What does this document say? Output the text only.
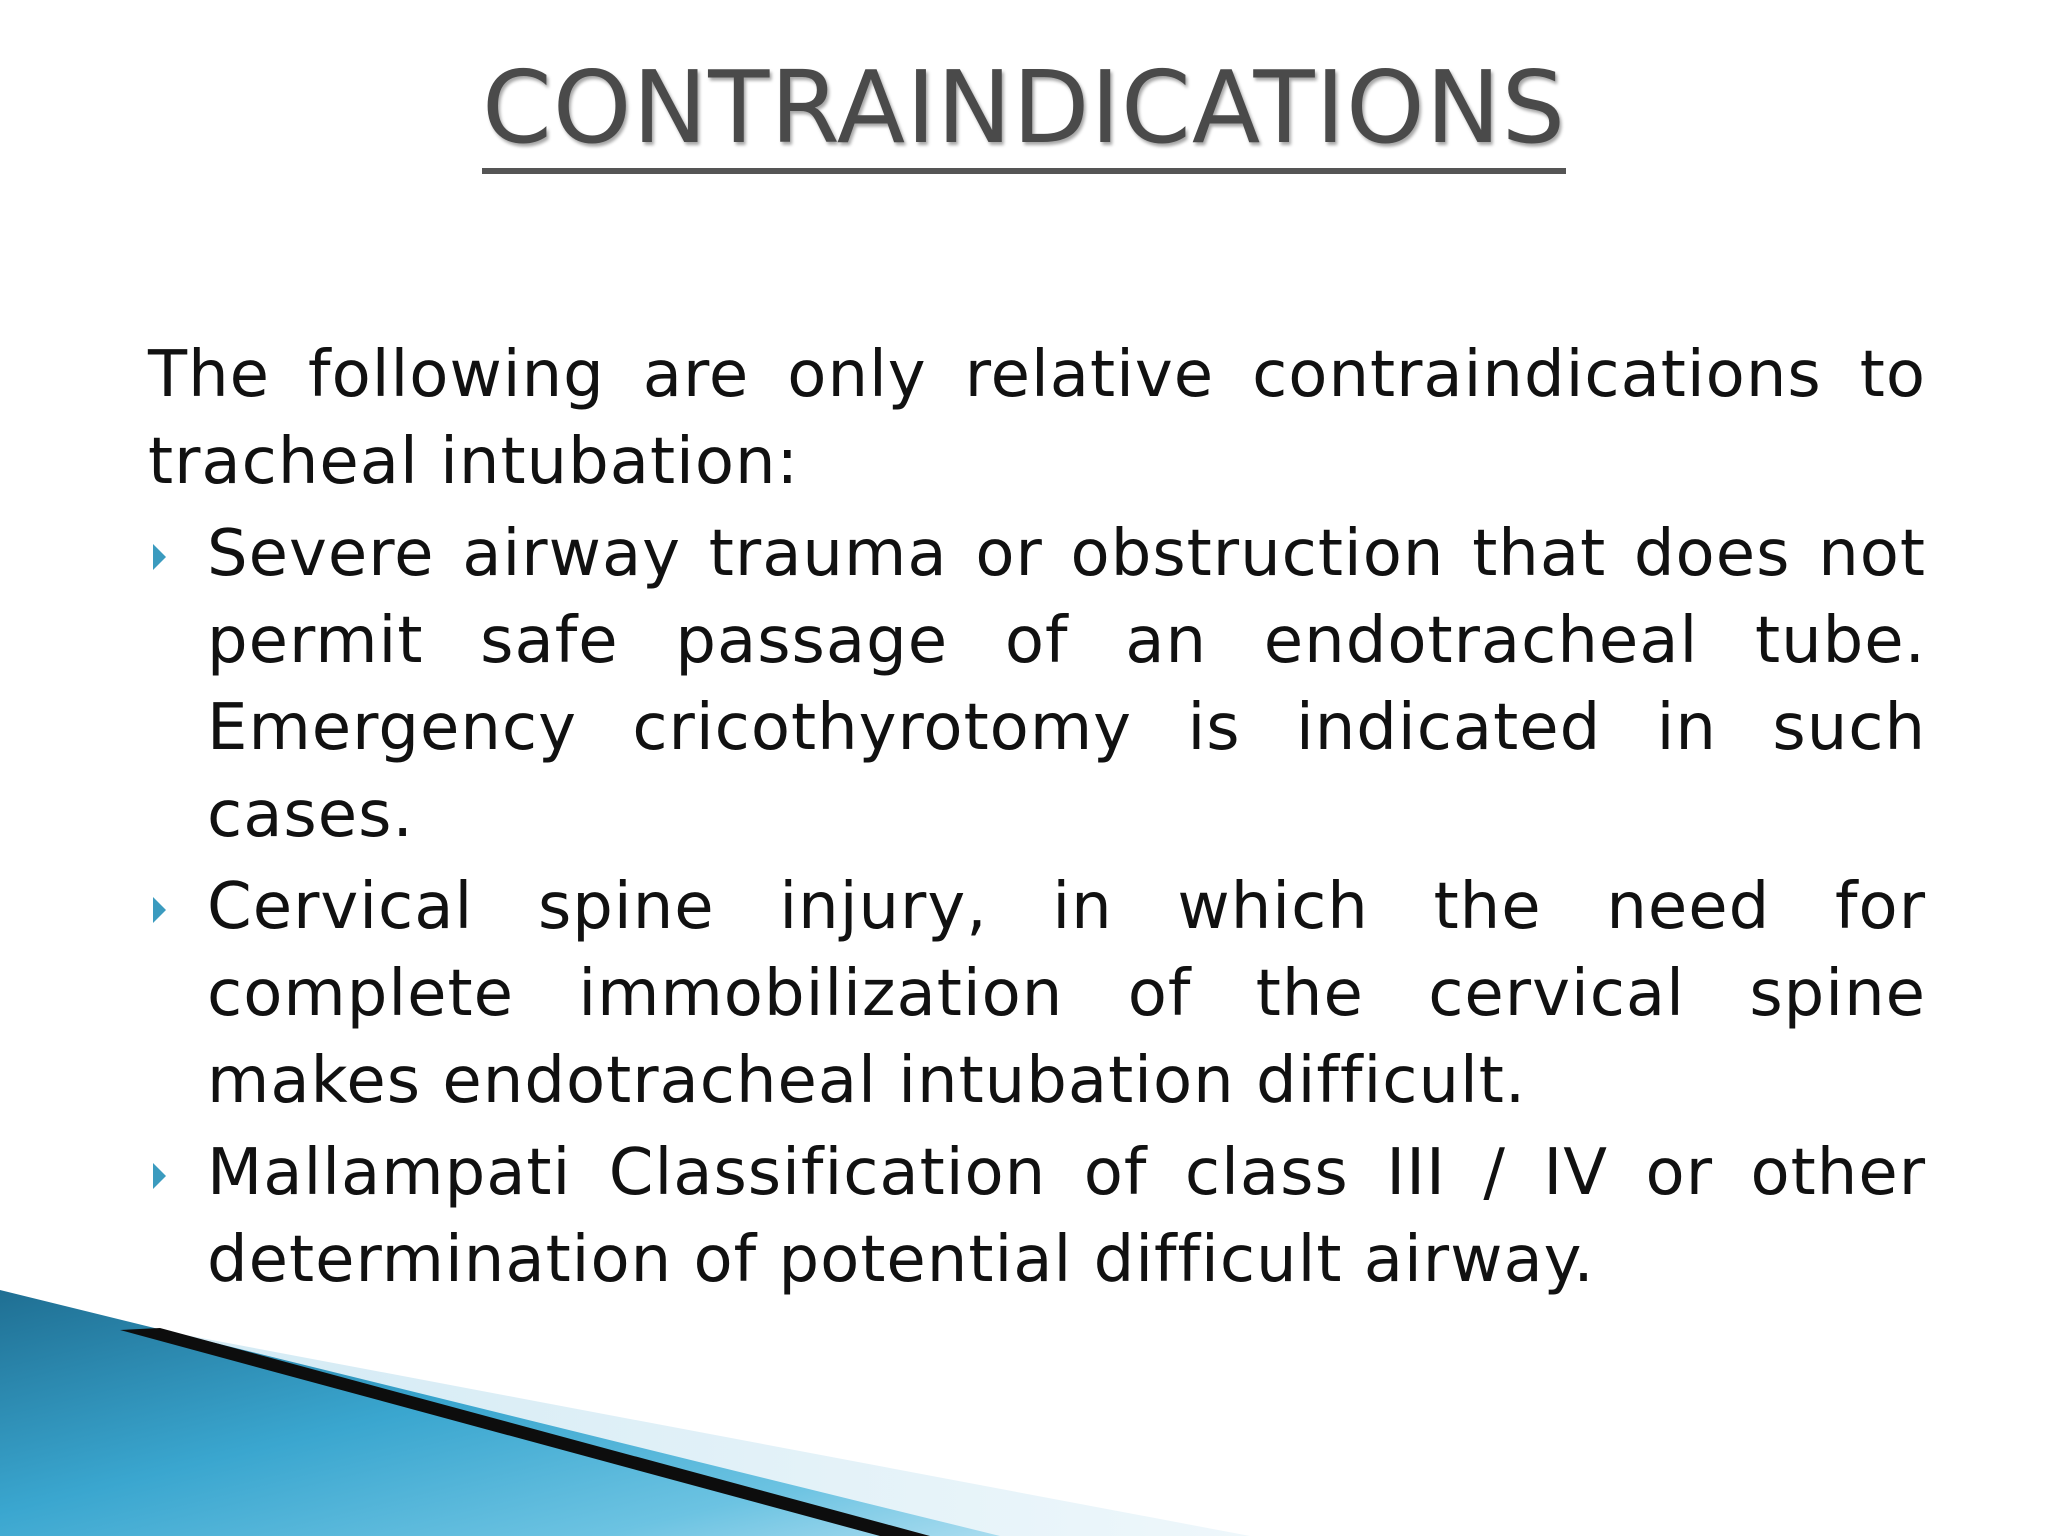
CONTRAINDICATIONS

The following are only relative contraindications to tracheal intubation:

Severe airway trauma or obstruction that does not permit safe passage of an endotracheal tube. Emergency cricothyrotomy is indicated in such cases.
Cervical spine injury, in which the need for complete immobilization of the cervical spine makes endotracheal intubation difficult.
Mallampati Classification of class III / IV or other determination of potential difficult airway.
